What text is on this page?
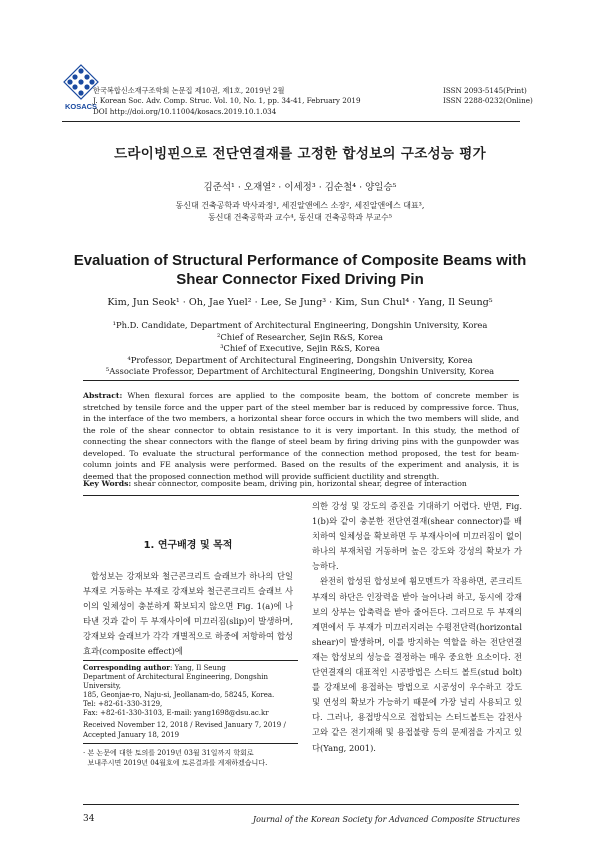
KOSACS
한국복합신소재구조학회 논문집 제10권, 제1호, 2019년 2월
J. Korean Soc. Adv. Comp. Struc. Vol. 10, No. 1, pp. 34-41, February 2019
DOI http://doi.org/10.11004/kosacs.2019.10.1.034
ISSN 2093-5145(Print)
ISSN 2288-0232(Online)
드라이빙핀으로 전단연결재를 고정한 합성보의 구조성능 평가
김준석¹ · 오재열² · 이세정³ · 김순철⁴ · 양일승⁵
동신대 건축공학과 박사과정¹, 세진알앤에스 소장², 세진알앤에스 대표³,
동신대 건축공학과 교수⁴, 동신대 건축공학과 부교수⁵
Evaluation of Structural Performance of Composite Beams with
Shear Connector Fixed Driving Pin
Kim, Jun Seok¹ · Oh, Jae Yuel² · Lee, Se Jung³ · Kim, Sun Chul⁴ · Yang, Il Seung⁵
¹Ph.D. Candidate, Department of Architectural Engineering, Dongshin University, Korea
²Chief of Researcher, Sejin R&S, Korea
³Chief of Executive, Sejin R&S, Korea
⁴Professor, Department of Architectural Engineering, Dongshin University, Korea
⁵Associate Professor, Department of Architectural Engineering, Dongshin University, Korea
Abstract: When flexural forces are applied to the composite beam, the bottom of concrete member is stretched by tensile force and the upper part of the steel member bar is reduced by compressive force. Thus, in the interface of the two members, a horizontal shear force occurs in which the two members will slide, and the role of the shear connector to obtain resistance to it is very important. In this study, the method of connecting the shear connectors with the flange of steel beam by firing driving pins with the gunpowder was developed. To evaluate the structural performance of the connection method proposed, the test for beam-column joints and FE analysis were performed. Based on the results of the experiment and analysis, it is deemed that the proposed connection method will provide sufficient ductility and strength.
Key Words: shear connector, composite beam, driving pin, horizontal shear, degree of interaction
1. 연구배경 및 목적

합성보는 강재보와 철근콘크리트 슬래브가 하나의 단일부재로 거동하는 부재로 강재보와 철근콘크리트 슬래브 사이의 일체성이 충분하게 확보되지 않으면 Fig. 1(a)에 나타낸 것과 같이 두 부재사이에 미끄러짐(slip)이 발생하며, 강재보와 슬래브가 각각 개별적으로 하중에 저항하여 합성효과(composite effect)에

Corresponding author: Yang, Il Seung
Department of Architectural Engineering, Dongshin University,
185, Geonjae-ro, Naju-si, Jeollanam-do, 58245, Korea.
Tel: +82-61-330-3129,
Fax: +82-61-330-3103, E-mail: yang1698@dsu.ac.kr
Received November 12, 2018 / Revised January 7, 2019 /
Accepted January 18, 2019
· 본 논문에 대한 토의를 2019년 03월 31일까지 학회로
보내주시면 2019년 04월호에 토론결과를 게재하겠습니다.

의한 강성 및 강도의 증진을 기대하기 어렵다. 반면, Fig. 1(b)와 같이 충분한 전단연결재(shear connector)를 배치하여 일체성을 확보하면 두 부재사이에 미끄러짐이 없이 하나의 부재처럼 거동하며 높은 강도와 강성의 확보가 가능하다.

완전히 합성된 합성보에 휨모멘트가 작용하면, 콘크리트 부재의 하단은 인장력을 받아 늘어나려 하고, 동시에 강재보의 상부는 압축력을 받아 줄어든다. 그러므로 두 부재의 계면에서 두 부재가 미끄러지려는 수평전단력(horizontal shear)이 발생하며, 이를 방지하는 역할을 하는 전단연결재는 합성보의 성능을 결정하는 매우 중요한 요소이다. 전단연결재의 대표적인 시공방법은 스터드 볼트(stud bolt)를 강재보에 용접하는 방법으로 시공성이 우수하고 강도 및 연성의 확보가 가능하기 때문에 가장 널리 사용되고 있다. 그러나, 용접방식으로 접합되는 스터드볼트는 감전사고와 같은 전기재해 및 용접불량 등의 문제점을 가지고 있다(Yang, 2001).

34	Journal of the Korean Society for Advanced Composite Structures
